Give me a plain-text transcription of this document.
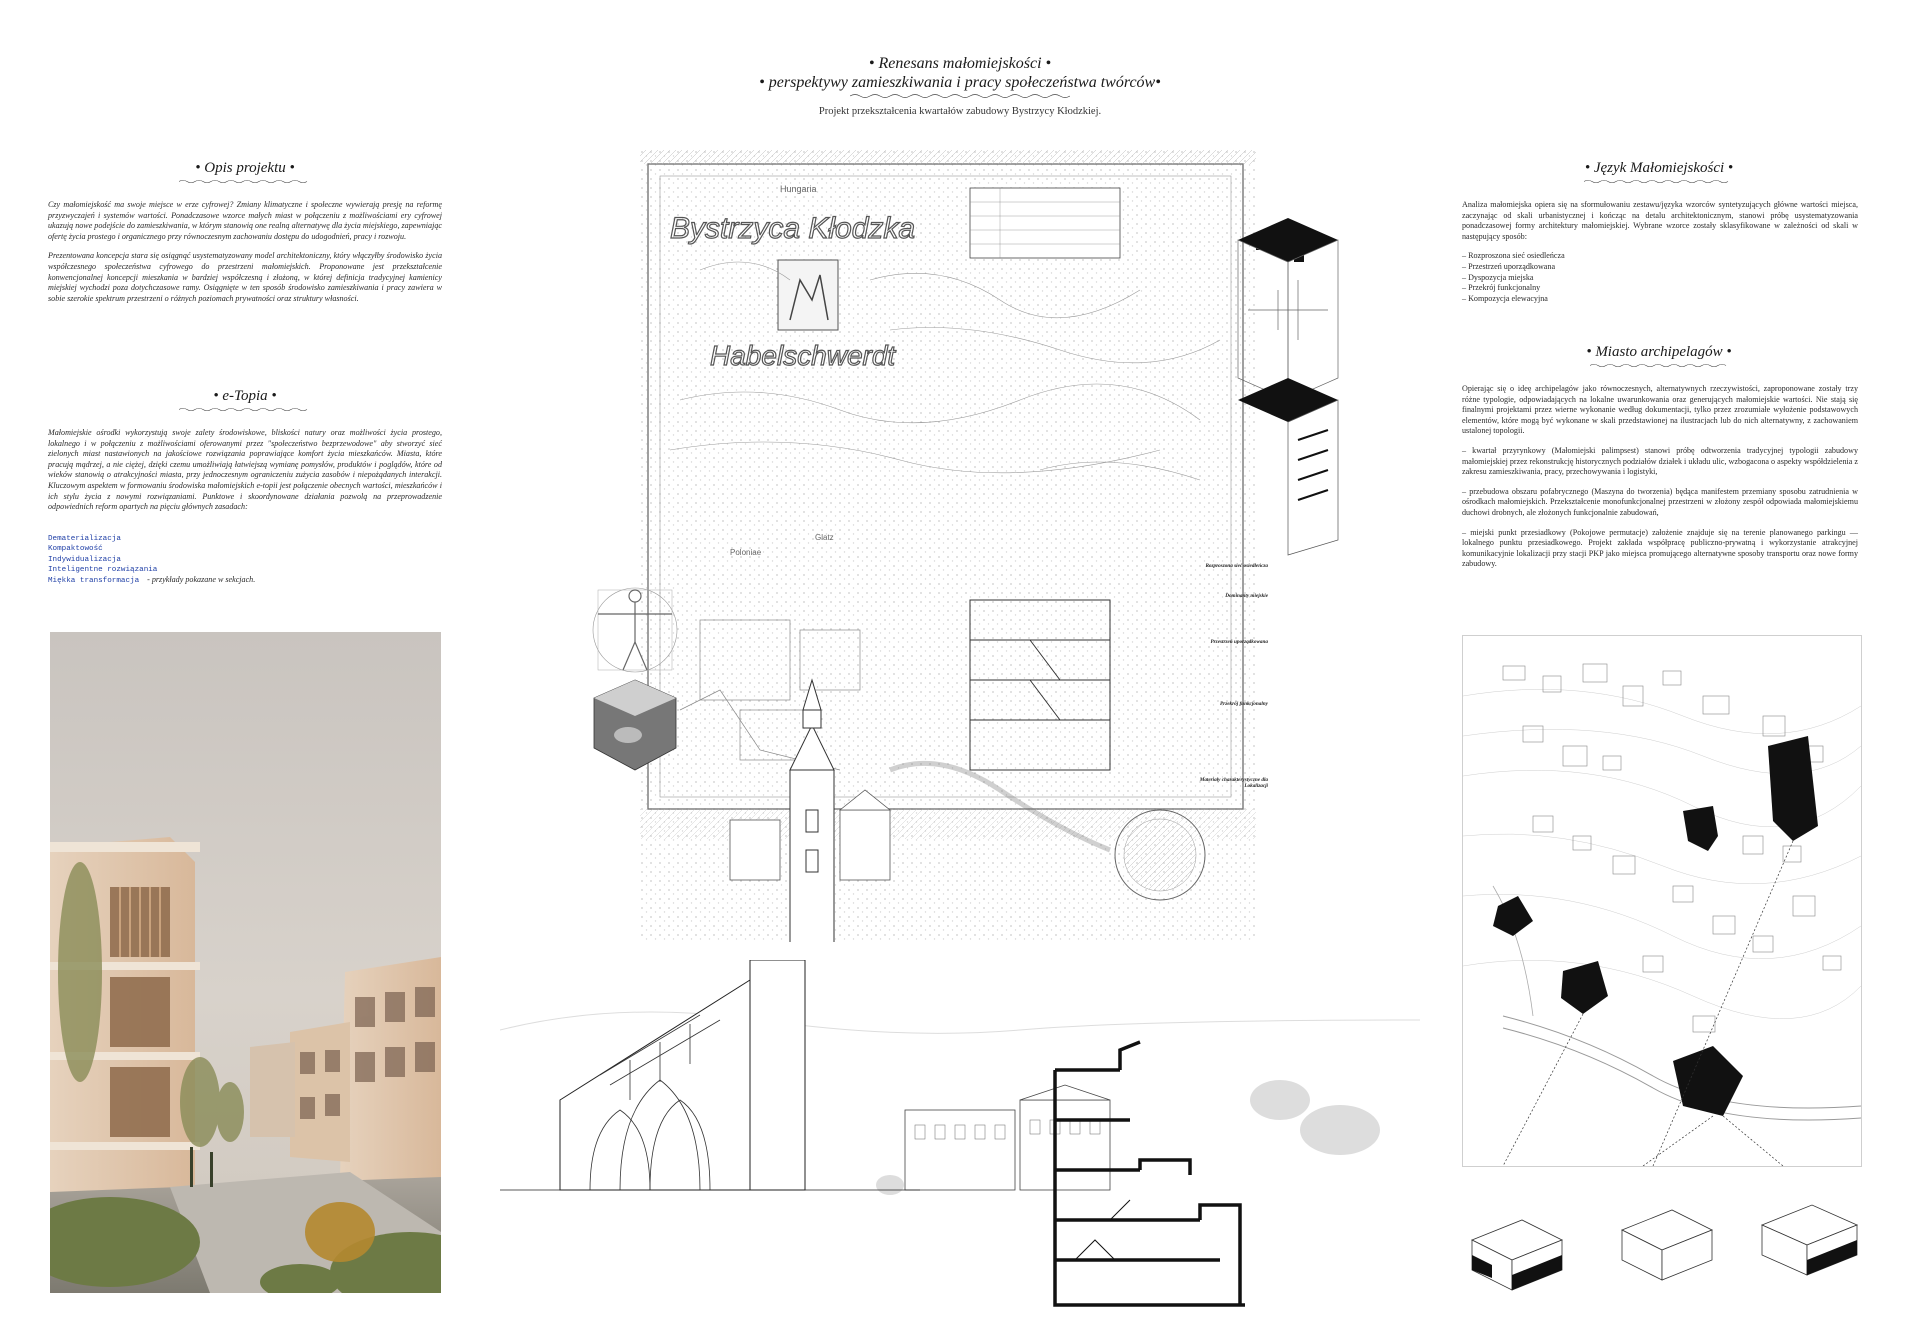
• Renesans małomiejskości •
• perspektywy zamieszkiwania i pracy społeczeństwa twórców•
Projekt przekształcenia kwartałów zabudowy Bystrzycy Kłodzkiej.
• Opis projektu •

Czy małomiejskość ma swoje miejsce w erze cyfrowej? Zmiany klimatyczne i społeczne wywierają presję na reformę przyzwyczajeń i systemów wartości. Ponadczasowe wzorce małych miast w połączeniu z możliwościami ery cyfrowej ukazują nowe podejście do zamieszkiwania, w którym stanowią one realną alternatywę dla życia miejskiego, zapewniając ofertę życia prostego i organicznego przy równoczesnym zachowaniu dostępu do udogodnień, pracy i rozwoju.

Prezentowana koncepcja stara się osiągnąć usystematyzowany model architektoniczny, który włączyłby środowisko życia współczesnego społeczeństwa cyfrowego do przestrzeni małomiejskich. Proponowane jest przekształcenie konwencjonalnej koncepcji mieszkania w bardziej współczesną i złożoną, w której definicja tradycyjnej kamienicy miejskiej wychodzi poza dotychczasowe ramy. Osiągnięte w ten sposób środowisko zamieszkiwania i pracy zawiera w sobie szerokie spektrum przestrzeni o różnych poziomach prywatności oraz struktury własności.

• e-Topia •

Małomiejskie ośrodki wykorzystują swoje zalety środowiskowe, bliskości natury oraz możliwości życia prostego, lokalnego i w połączeniu z możliwościami oferowanymi przez "społeczeństwo bezprzewodowe" aby stworzyć sieć zielonych miast nastawionych na jakościowe rozwiązania poprawiające komfort życia mieszkańców. Miasta, które pracują mądrzej, a nie ciężej, dzięki czemu umożliwiają łatwiejszą wymianę pomysłów, produktów i poglądów, które od wieków stanowią o atrakcyjności miasta, przy jednoczesnym ograniczeniu zużycia zasobów i niepożądanych interakcji. Kluczowym aspektem w formowaniu środowiska małomiejskich e-topii jest połączenie obecnych wartości, mieszkańców i ich stylu życia z nowymi rozwiązaniami. Punktowe i skoordynowane działania pozwolą na przeprowadzenie odpowiednich reform opartych na pięciu głównych zasadach:

Dematerializacja
Kompaktowość
Indywidualizacja
Inteligentne rozwiązania
Miękka transformacja - przykłady pokazane w sekcjach.
Hungaria
Bystrzyca Kłodzka
Habelschwerdt
Poloniae
Glatz
Rozproszona sieć osiedleńcza
Dominanty miejskie
Przestrzeń uporządkowana
Przekrój funkcjonalny
Materiały charakterystyczne dla Lokalizacji
• Język Małomiejskości •

Analiza małomiejska opiera się na sformułowaniu zestawu/języka wzorców syntetyzujących główne wartości miejsca, zaczynając od skali urbanistycznej i kończąc na detalu architektonicznym, stanowi próbę usystematyzowania ponadczasowej formy architektury małomiejskiej. Wybrane wzorce zostały sklasyfikowane w zależności od skali w następujący sposób:

– Rozproszona sieć osiedleńcza
– Przestrzeń uporządkowana
– Dyspozycja miejska
– Przekrój funkcjonalny
– Kompozycja elewacyjna
• Miasto archipelagów •

Opierając się o ideę archipelagów jako równoczesnych, alternatywnych rzeczywistości, zaproponowane zostały trzy różne typologie, odpowiadających na lokalne uwarunkowania oraz generujących małomiejskie wartości. Nie stają się finalnymi projektami przez wierne wykonanie według dokumentacji, tylko przez zrozumiałe wyłożenie podstawowych elementów, które mogą być wykonane w skali przedstawionej na ilustracjach lub do nich alternatywny, z zachowaniem ustalonej topologii.

– kwartał przyrynkowy (Małomiejski palimpsest) stanowi próbę odtworzenia tradycyjnej typologii zabudowy małomiejskiej przez rekonstrukcję historycznych podziałów działek i układu ulic, wzbogacona o aspekty współdzielenia z zakresu zamieszkiwania, pracy, przechowywania i logistyki,

– przebudowa obszaru pofabrycznego (Maszyna do tworzenia) będąca manifestem przemiany sposobu zatrudnienia w ośrodkach małomiejskich. Przekształcenie monofunkcjonalnej przestrzeni w złożony zespół odpowiada małomiejskiemu duchowi drobnych, ale złożonych funkcjonalnie zabudowań,

– miejski punkt przesiadkowy (Pokojowe permutacje) założenie znajduje się na terenie planowanego parkingu — lokalnego punktu przesiadkowego. Projekt zakłada współpracę publiczno-prywatną i wykorzystanie atrakcyjnej komunikacyjnie lokalizacji przy stacji PKP jako miejsca promującego alternatywne sposoby transportu oraz nowe formy zabudowy.
